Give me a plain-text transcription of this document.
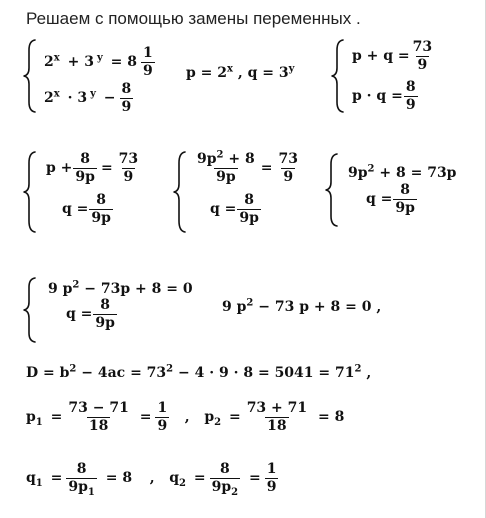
Решаем с помощью замены переменных .
$2^x + 3$ $^y = 8 \frac{1}{9}$
$2^x \cdot 3$ $^y - \frac{8}{9}$
$p = 2^x$ , $q = 3^y$
$p + q = \frac{73}{9}$
$p \cdot q = \frac{8}{9}$
$p + \frac{8}{9p} = \frac{73}{9}$
$q = \frac{8}{9p}$
$\frac{9p^2 + 8}{9p} = \frac{73}{9}$
$q = \frac{8}{9p}$
$9p^2 + 8 = 73p$
$q = \frac{8}{9p}$
9 $p^2 - 73p + 8 = 0$
$q = \frac{8}{9p}$	9 $p^2 - 73$ p + 8 = 0 ,
$D = b^2 - 4ac = 73^2 - 4 \cdot 9 \cdot 8 = 5041 = 71^2$ ,
$p_1 = \frac{73 - 71}{18} = \frac{1}{9}$ ,   $p_2 = \frac{73 + 71}{18} = 8$
$q_1 = \frac{8}{9p_1} = 8$   ,   $q_2 = \frac{8}{9p_2} = \frac{1}{9}$
